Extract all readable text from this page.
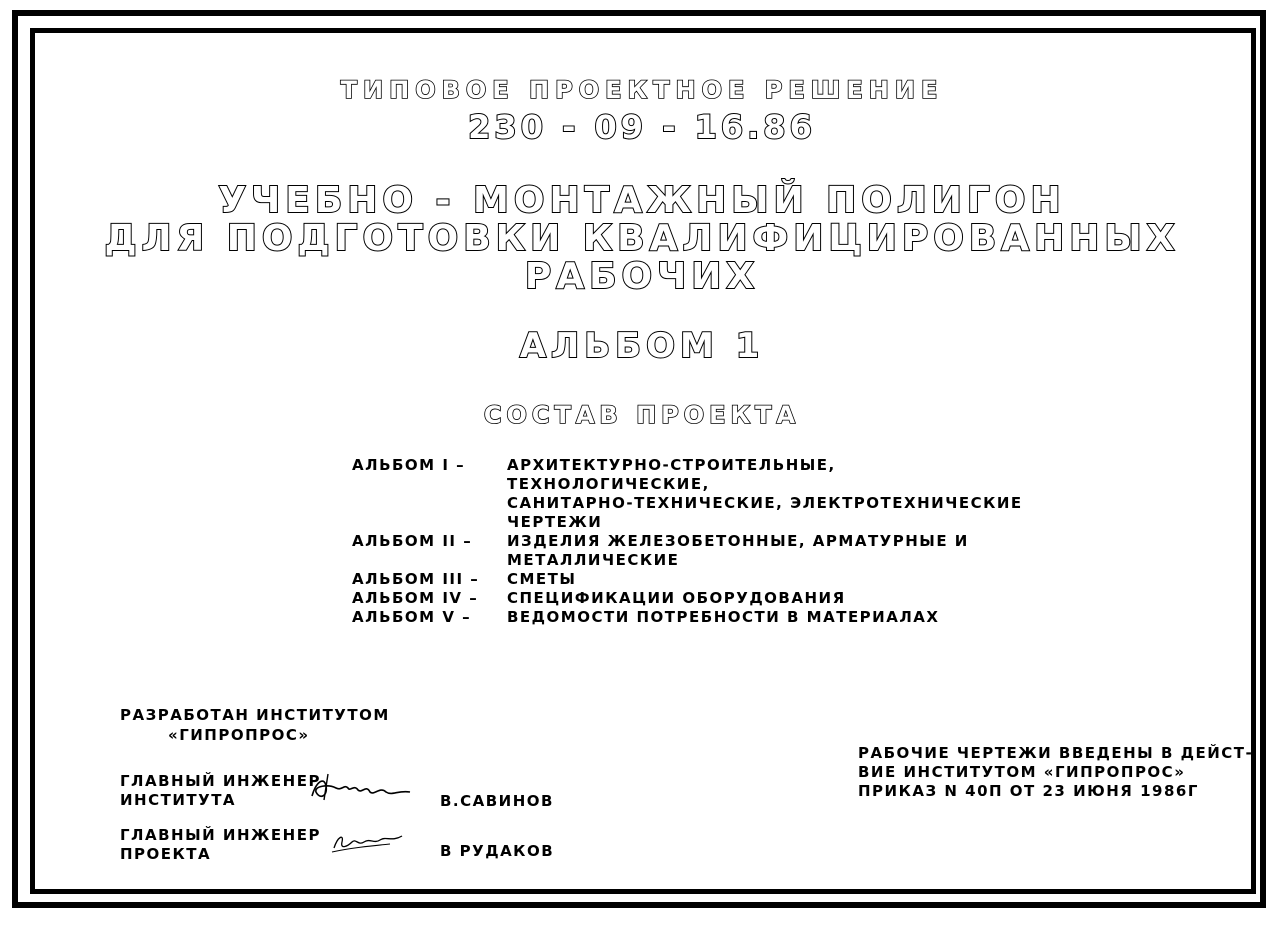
ТИПОВОЕ ПРОЕКТНОЕ РЕШЕНИЕ
230 - 09 - 16.86
УЧЕБНО - МОНТАЖНЫЙ ПОЛИГОН
ДЛЯ ПОДГОТОВКИ КВАЛИФИЦИРОВАННЫХ
РАБОЧИХ
АЛЬБОМ 1
СОСТАВ ПРОЕКТА
АЛЬБОМ I –	АРХИТЕКТУРНО-СТРОИТЕЛЬНЫЕ, ТЕХНОЛОГИЧЕСКИЕ,
САНИТАРНО-ТЕХНИЧЕСКИЕ, ЭЛЕКТРОТЕХНИЧЕСКИЕ
ЧЕРТЕЖИ
АЛЬБОМ II –	ИЗДЕЛИЯ ЖЕЛЕЗОБЕТОННЫЕ, АРМАТУРНЫЕ И МЕТАЛЛИЧЕСКИЕ
АЛЬБОМ III –	СМЕТЫ
АЛЬБОМ IV –	СПЕЦИФИКАЦИИ ОБОРУДОВАНИЯ
АЛЬБОМ V –	ВЕДОМОСТИ ПОТРЕБНОСТИ В МАТЕРИАЛАХ
РАЗРАБОТАН ИНСТИТУТОМ
«ГИПРОПРОС»
ГЛАВНЫЙ ИНЖЕНЕР
ИНСТИТУТА	В.САВИНОВ
ГЛАВНЫЙ ИНЖЕНЕР
ПРОЕКТА	В РУДАКОВ
РАБОЧИЕ ЧЕРТЕЖИ ВВЕДЕНЫ В ДЕЙСТ-
ВИЕ ИНСТИТУТОМ «ГИПРОПРОС»
ПРИКАЗ N 40П ОТ 23 ИЮНЯ 1986Г
